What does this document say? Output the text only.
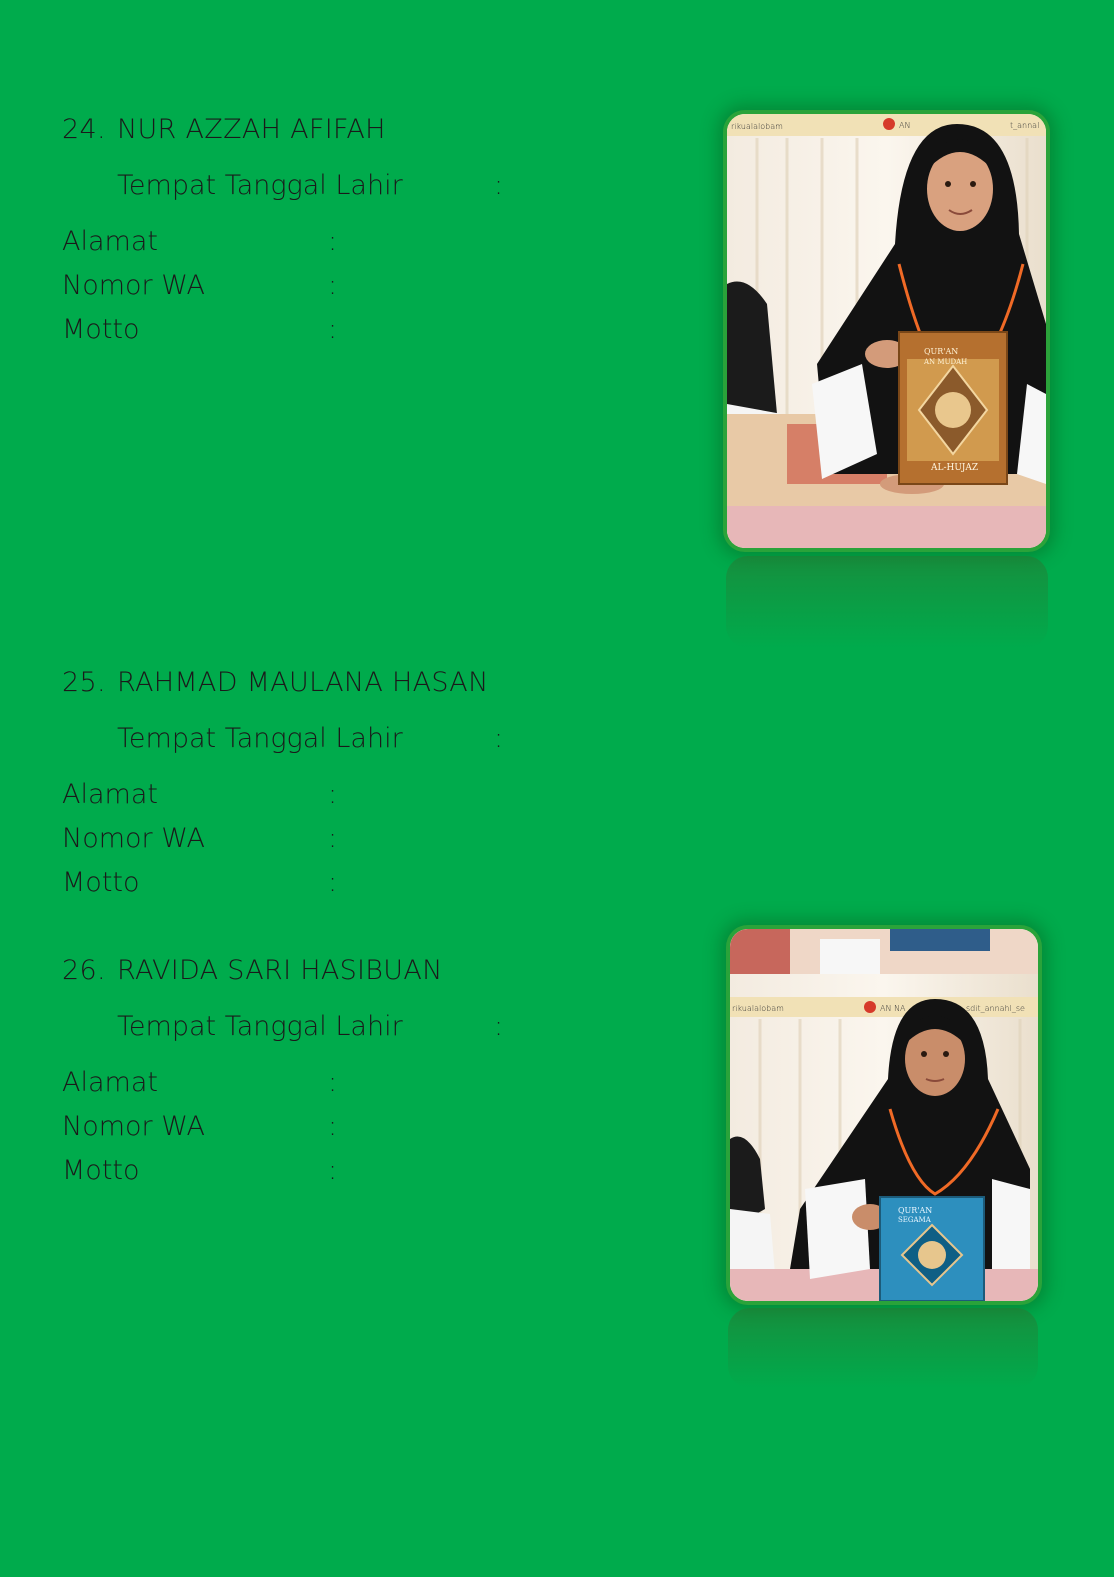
24. NUR AZZAH AFIFAH
Tempat Tanggal Lahir	:
Alamat	:
Nomor WA	:
Motto	:
rikualalobam	AN	t_annal
QUR'AN
AN MUDAH
AL-HUJAZ
25. RAHMAD MAULANA HASAN
Tempat Tanggal Lahir	:
Alamat	:
Nomor WA	:
Motto	:
26. RAVIDA SARI HASIBUAN
Tempat Tanggal Lahir	:
Alamat	:
Nomor WA	:
Motto	:
rikualalobam	AN NA	sdit_annahl_se
QUR'AN
SEGAMA
